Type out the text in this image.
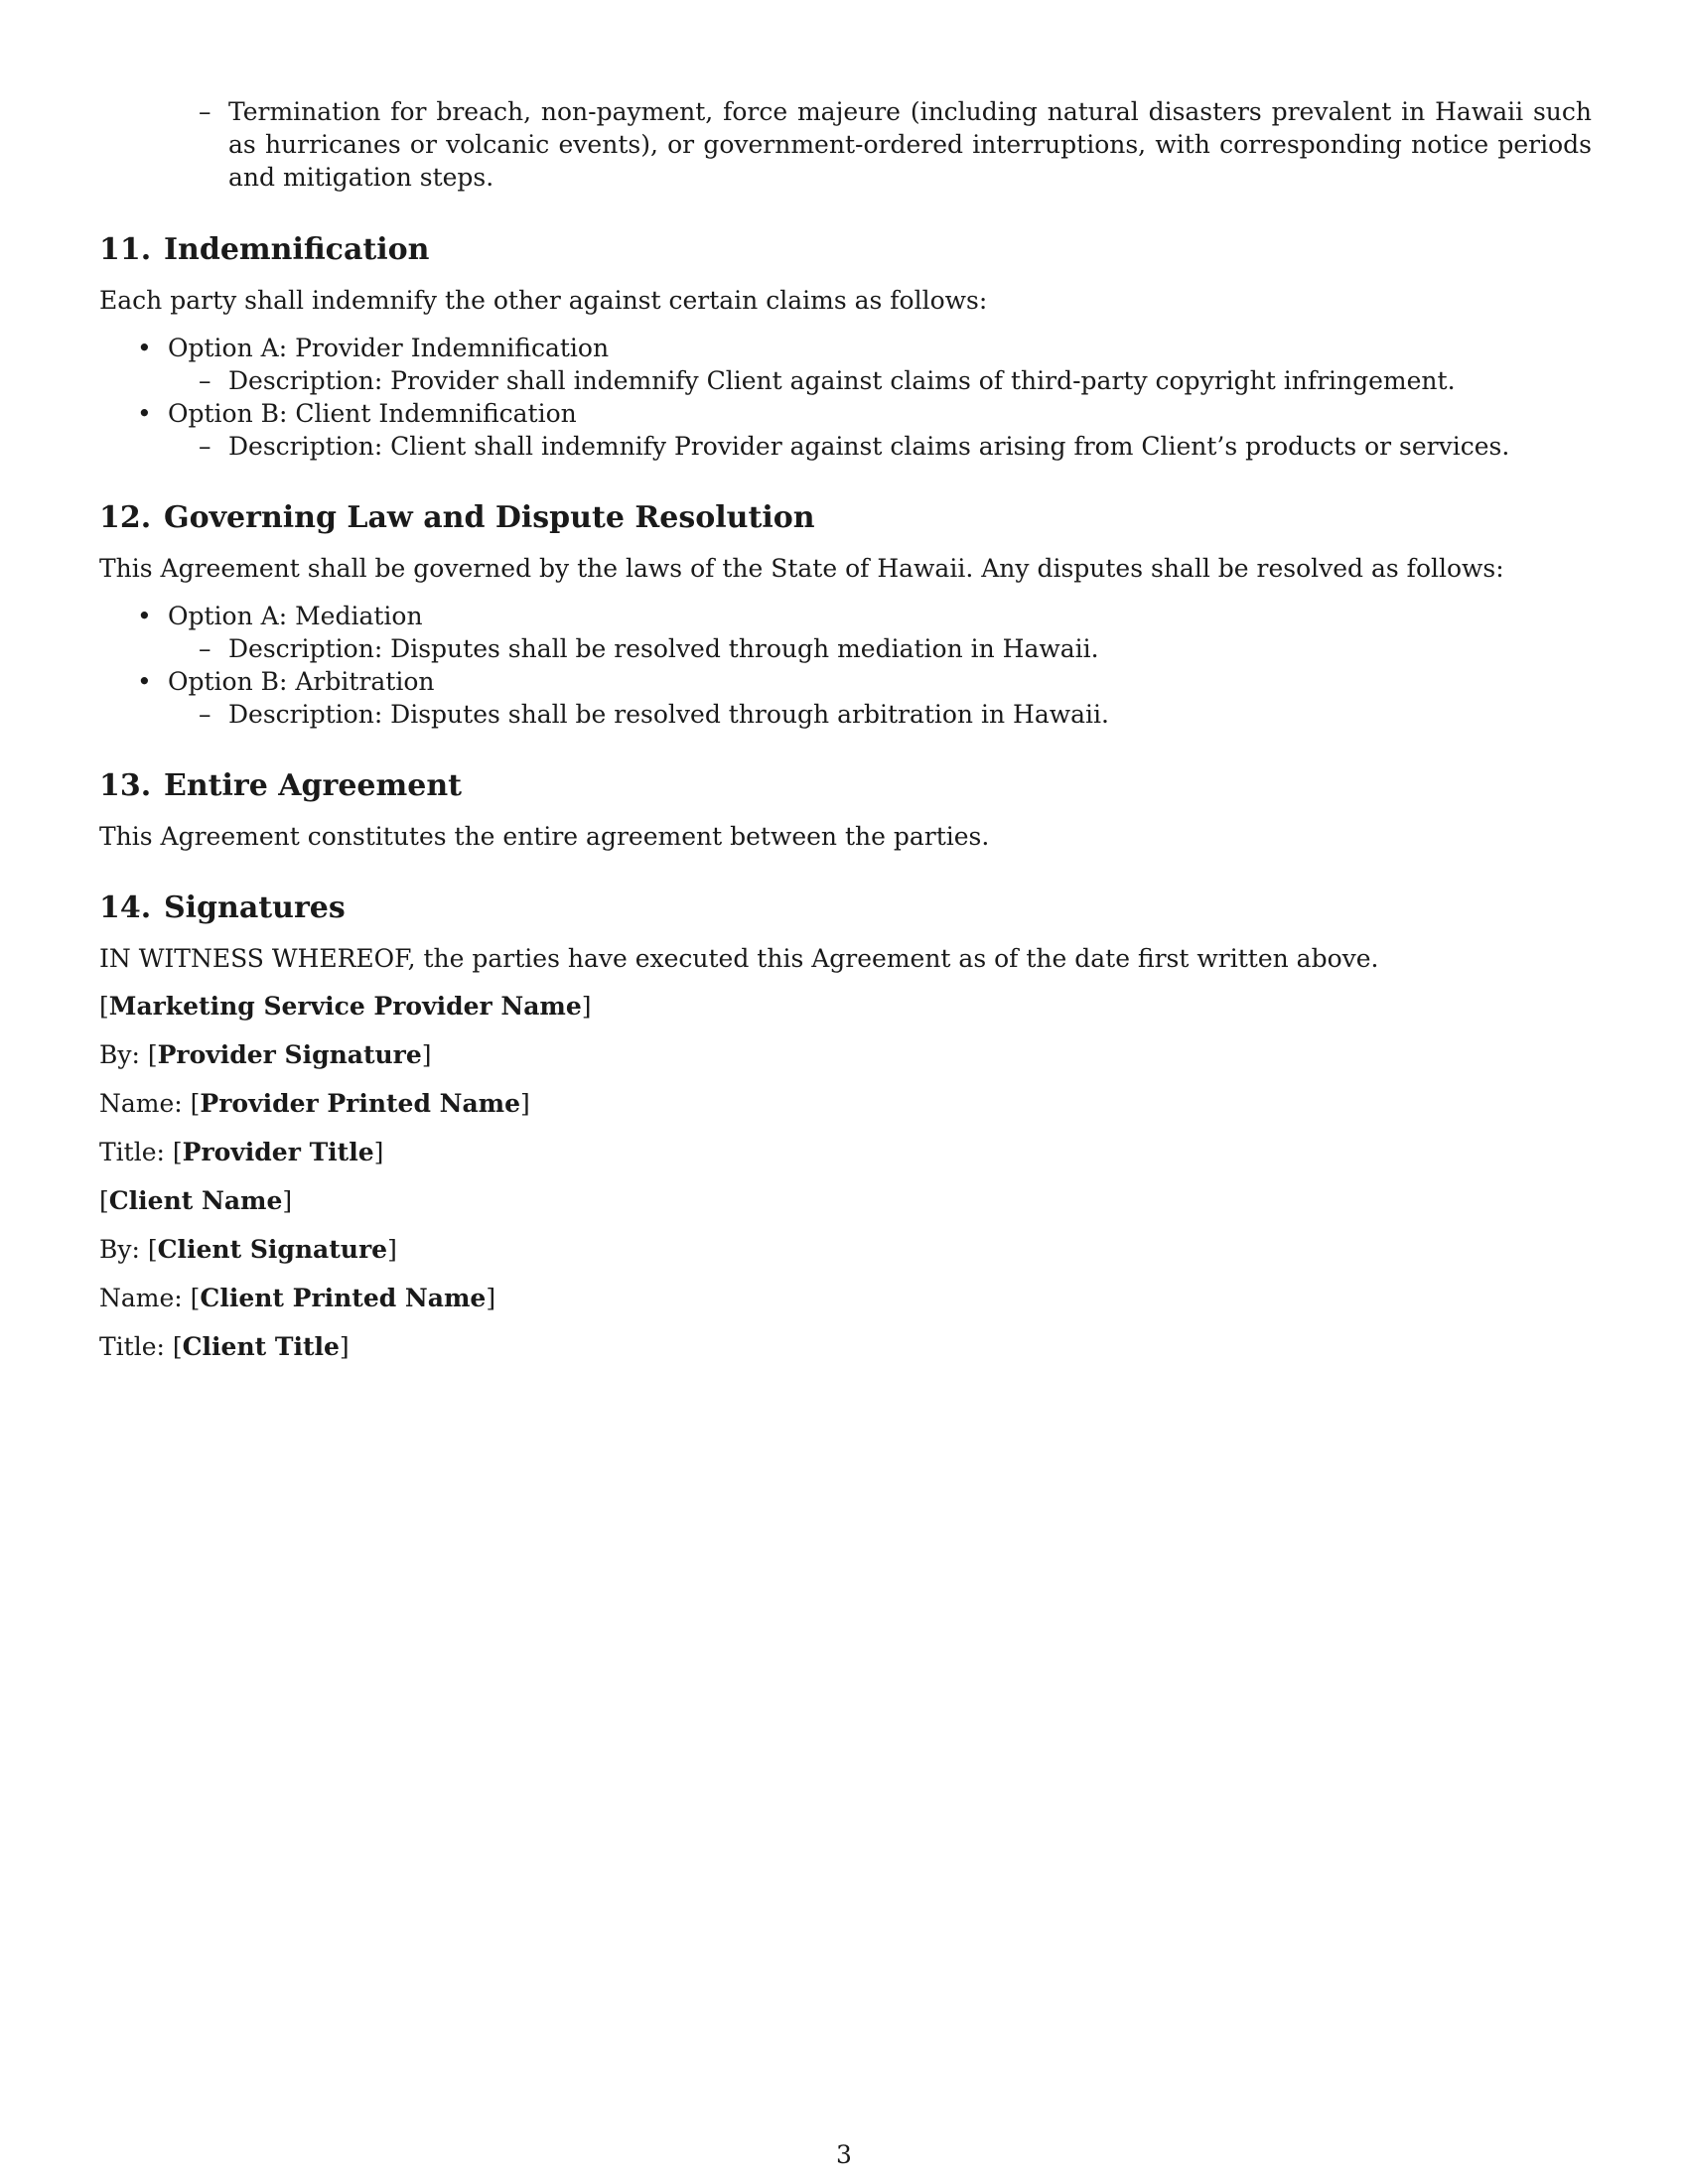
– Termination for breach, non-payment, force majeure (including natural disasters prevalent in Hawaii such as hurricanes or volcanic events), or government-ordered interruptions, with corresponding notice periods and mitigation steps.
11. Indemnification

Each party shall indemnify the other against certain claims as follows:

• Option A: Provider Indemnification
– Description: Provider shall indemnify Client against claims of third-party copyright infringement.
• Option B: Client Indemnification
– Description: Client shall indemnify Provider against claims arising from Client’s products or services.
12. Governing Law and Dispute Resolution

This Agreement shall be governed by the laws of the State of Hawaii. Any disputes shall be resolved as follows:

• Option A: Mediation
– Description: Disputes shall be resolved through mediation in Hawaii.
• Option B: Arbitration
– Description: Disputes shall be resolved through arbitration in Hawaii.
13. Entire Agreement

This Agreement constitutes the entire agreement between the parties.

14. Signatures

IN WITNESS WHEREOF, the parties have executed this Agreement as of the date first written above.

[Marketing Service Provider Name]
By: [Provider Signature]
Name: [Provider Printed Name]
Title: [Provider Title]
[Client Name]
By: [Client Signature]
Name: [Client Printed Name]
Title: [Client Title]
3
